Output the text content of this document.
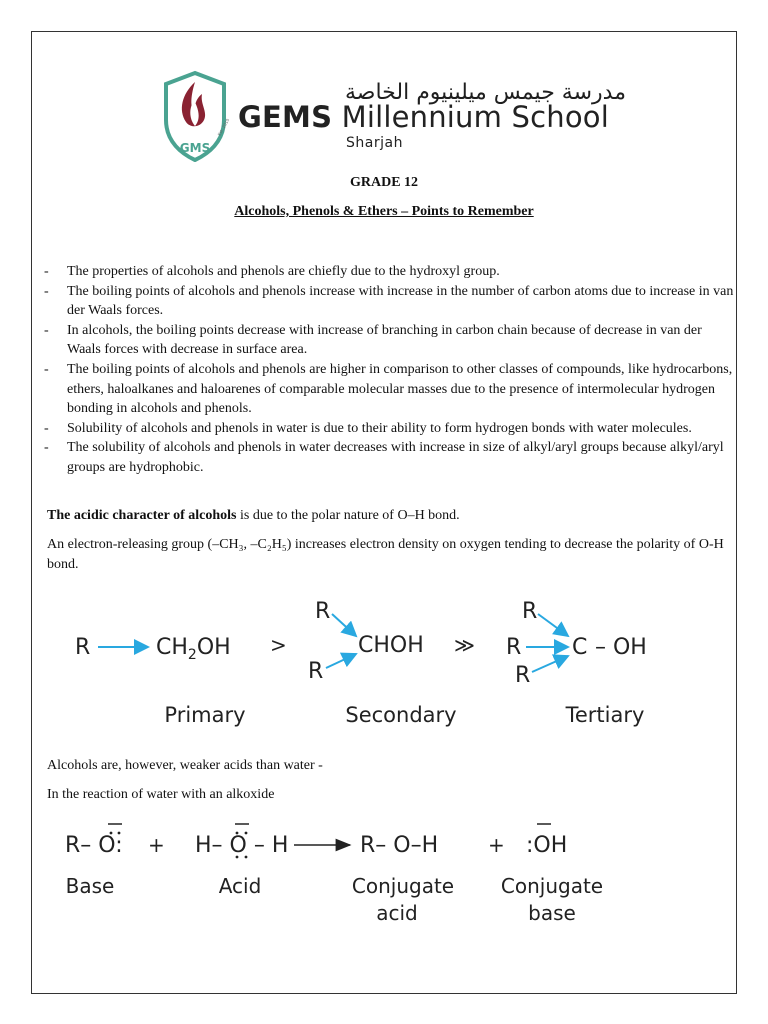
GMS
Est. 2010
مدرسة جيمس ميلينيوم الخاصة
GEMS Millennium School
Sharjah
GRADE 12
Alcohols, Phenols & Ethers – Points to Remember
-	The properties of alcohols and phenols are chiefly due to the hydroxyl group.
-	The boiling points of alcohols and phenols increase with increase in the number of carbon atoms due to increase in van der Waals forces.
-	In alcohols, the boiling points decrease with increase of branching in carbon chain because of decrease in van der Waals forces with decrease in surface area.
-	The boiling points of alcohols and phenols are higher in comparison to other classes of compounds, like hydrocarbons, ethers, haloalkanes and haloarenes of comparable molecular masses due to the presence of intermolecular hydrogen bonding in alcohols and phenols.
-	Solubility of alcohols and phenols in water is due to their ability to form hydrogen bonds with water molecules.
-	The solubility of alcohols and phenols in water decreases with increase in size of alkyl/aryl groups because alkyl/aryl groups are hydrophobic.
The acidic character of alcohols is due to the polar nature of O–H bond.
An electron-releasing group (–CH₃, –C₂H₅) increases electron density on oxygen tending to decrease the polarity of O-H bond.
R	$CH_2OH$ >
R
R
CHOH ≫
R
R
R
C – OH
Primary	Secondary	Tertiary
Alcohols are, however, weaker acids than water -
In the reaction of water with an alkoxide
R– O: + H– O – H	R– O–H + :OH
Base	Acid	Conjugate
acid
Conjugate
base
